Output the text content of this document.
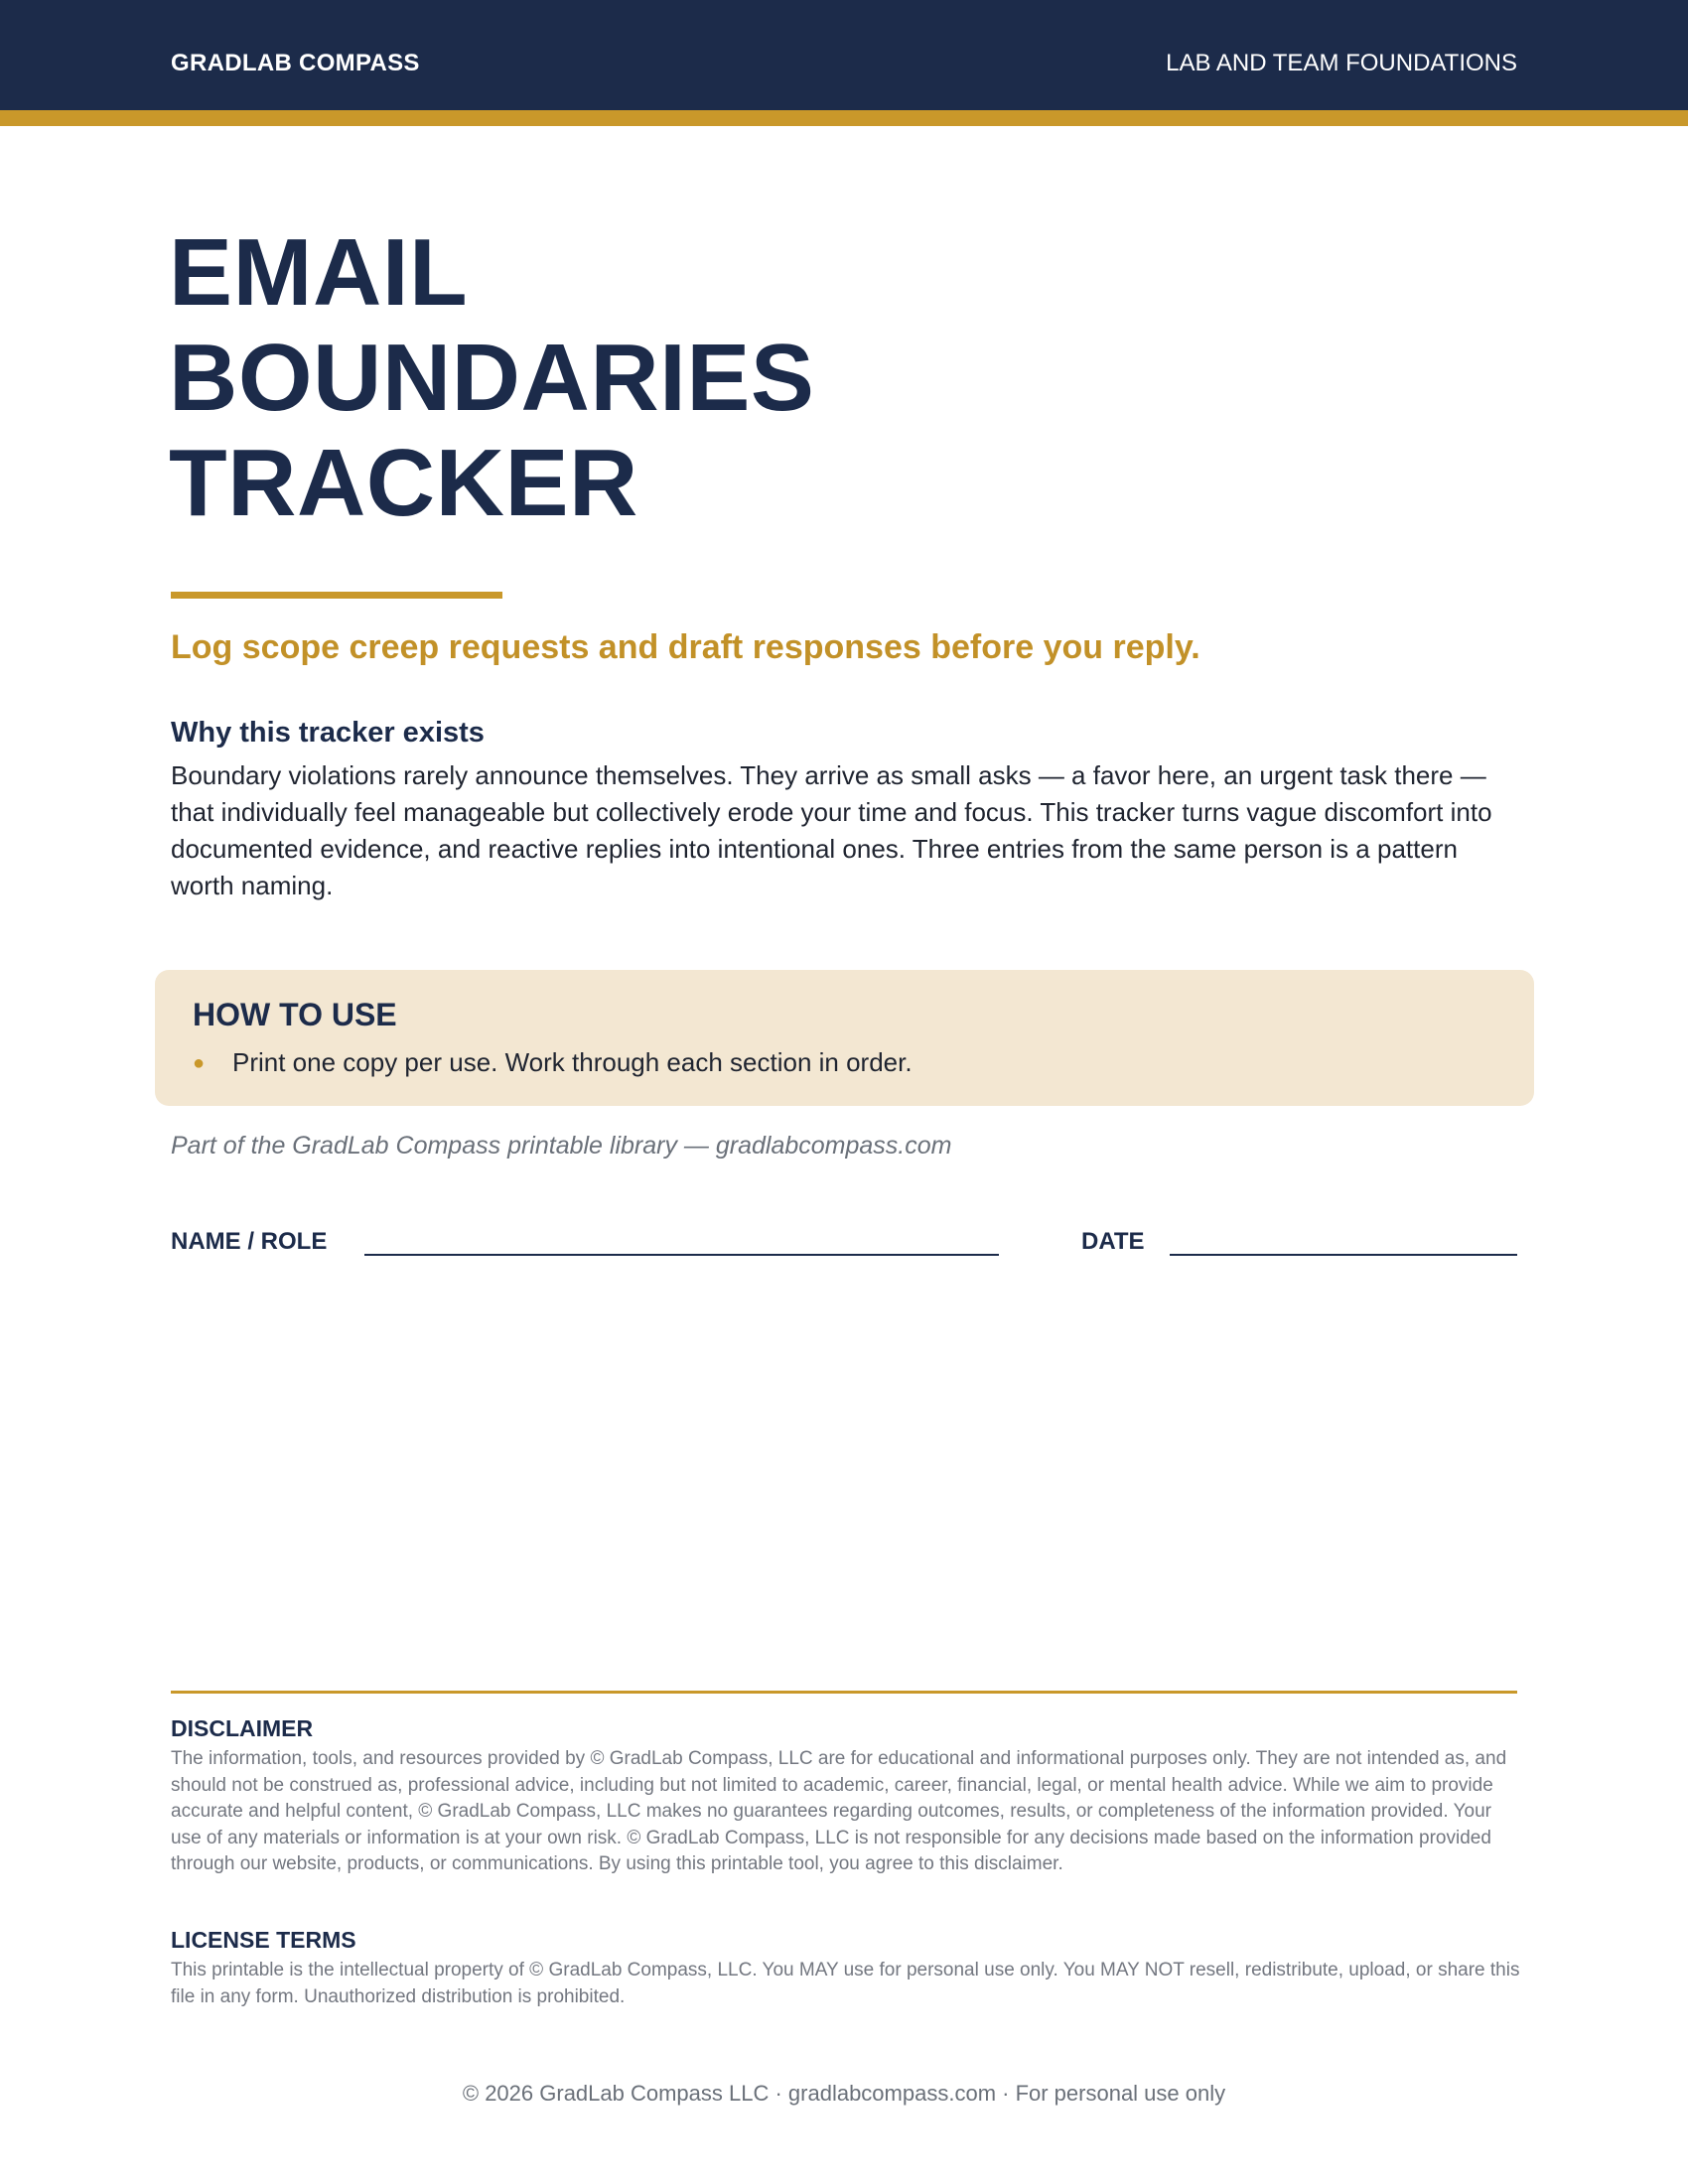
GRADLAB COMPASS	LAB AND TEAM FOUNDATIONS
EMAIL
BOUNDARIES
TRACKER
Log scope creep requests and draft responses before you reply.
Why this tracker exists

Boundary violations rarely announce themselves. They arrive as small asks — a favor here, an urgent task there — that individually feel manageable but collectively erode your time and focus. This tracker turns vague discomfort into documented evidence, and reactive replies into intentional ones. Three entries from the same person is a pattern worth naming.

HOW TO USE
● Print one copy per use. Work through each section in order.

Part of the GradLab Compass printable library — gradlabcompass.com

NAME / ROLE	DATE
DISCLAIMER

The information, tools, and resources provided by © GradLab Compass, LLC are for educational and informational purposes only. They are not intended as, and should not be construed as, professional advice, including but not limited to academic, career, financial, legal, or mental health advice. While we aim to provide accurate and helpful content, © GradLab Compass, LLC makes no guarantees regarding outcomes, results, or completeness of the information provided. Your use of any materials or information is at your own risk. © GradLab Compass, LLC is not responsible for any decisions made based on the information provided through our website, products, or communications. By using this printable tool, you agree to this disclaimer.

LICENSE TERMS

This printable is the intellectual property of © GradLab Compass, LLC. You MAY use for personal use only. You MAY NOT resell, redistribute, upload, or share this file in any form. Unauthorized distribution is prohibited.

© 2026 GradLab Compass LLC · gradlabcompass.com · For personal use only
